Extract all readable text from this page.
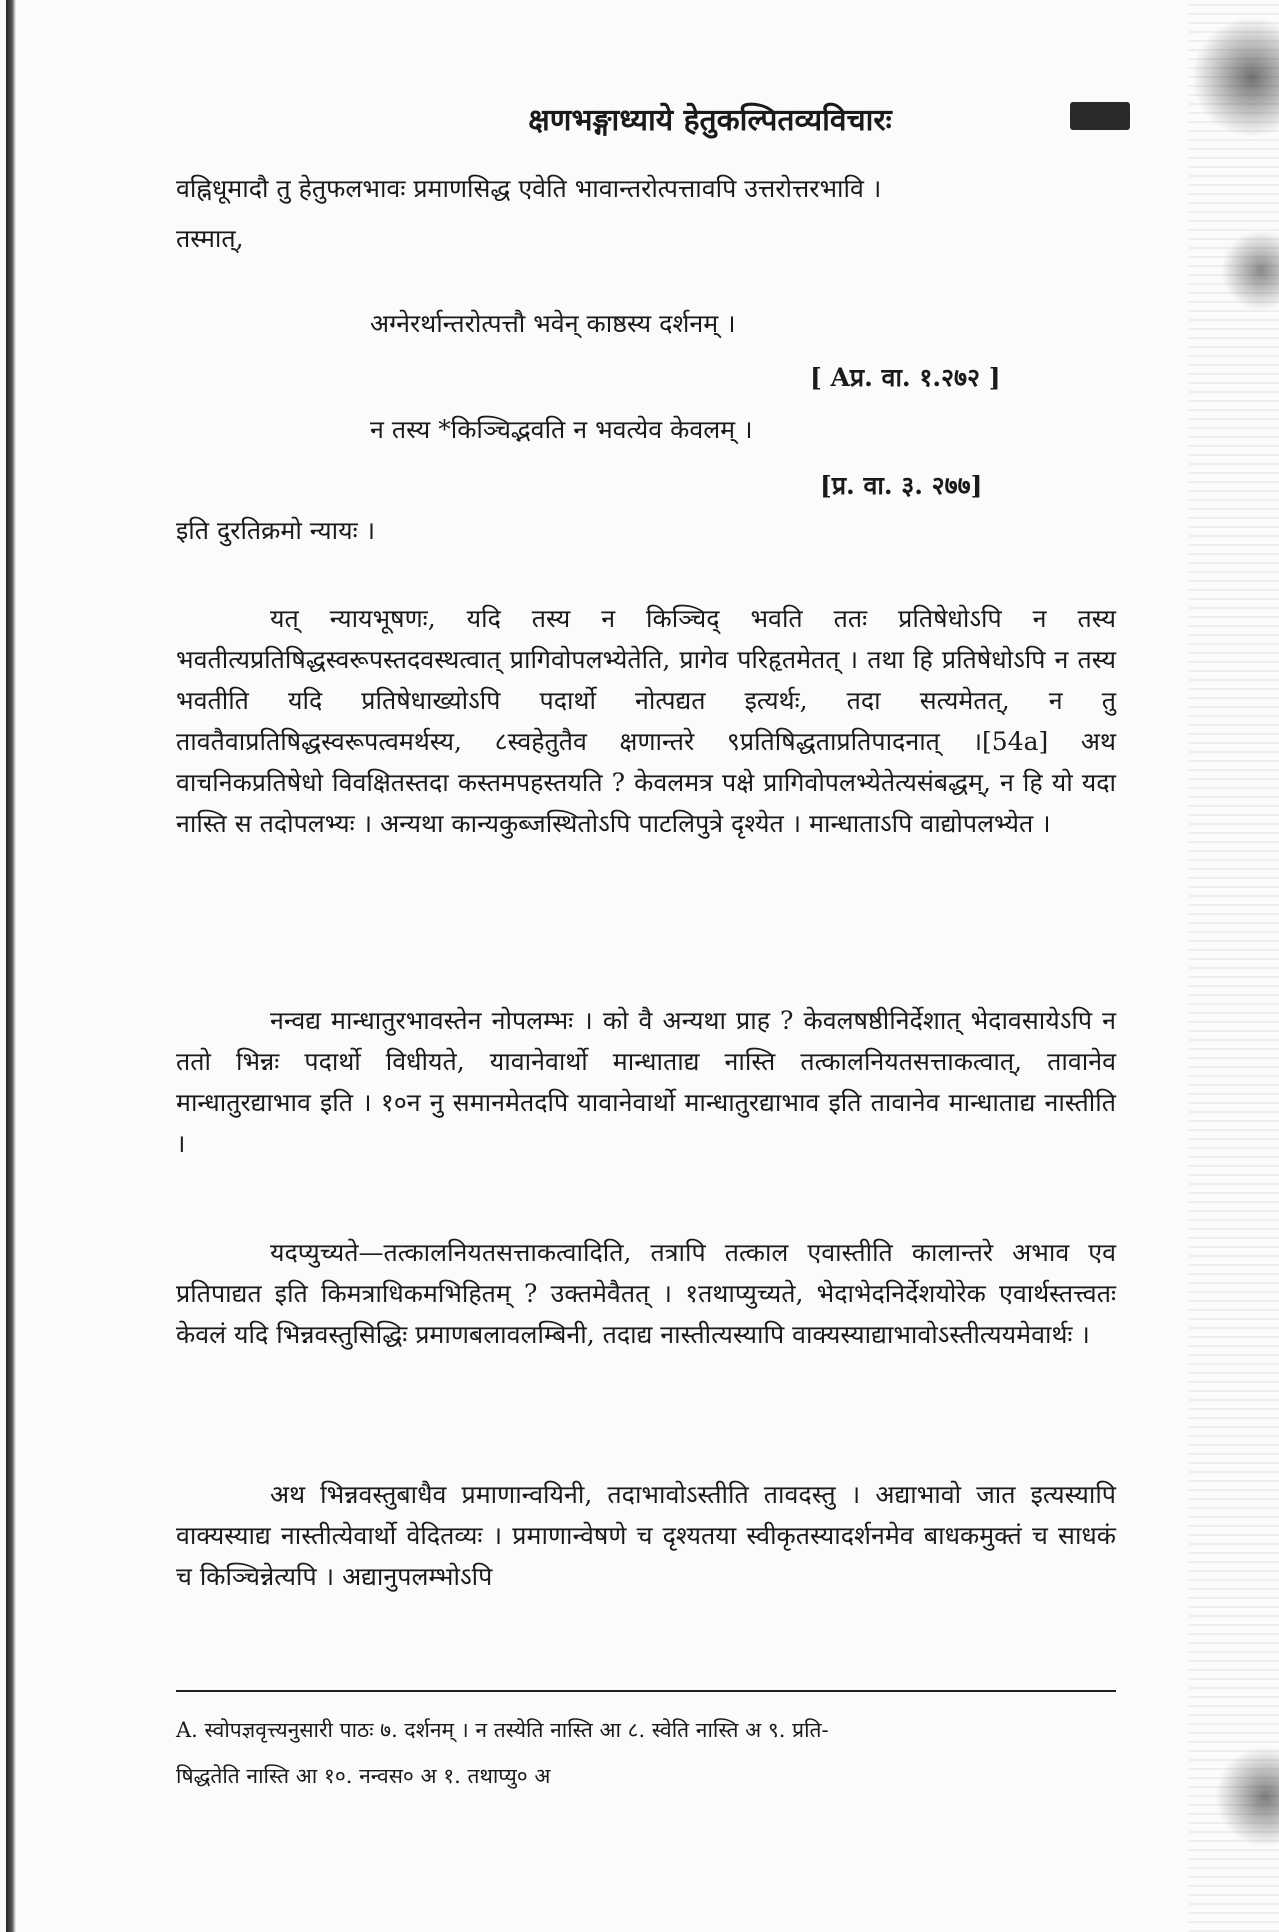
क्षणभङ्गाध्याये हेतुकल्पितव्यविचारः
वह्निधूमादौ तु हेतुफलभावः प्रमाणसिद्ध एवेति भावान्तरोत्पत्तावपि उत्तरोत्तरभावि ।
तस्मात्,
अग्नेरर्थान्तरोत्पत्तौ भवेन् काष्ठस्य दर्शनम् ।
[ Aप्र. वा. १.२७२ ]
न तस्य *किञ्चिद्भवति न भवत्येव केवलम् ।
[प्र. वा. ३. २७७]
इति दुरतिक्रमो न्यायः ।
यत् न्यायभूषणः, यदि तस्य न किञ्चिद् भवति ततः प्रतिषेधोऽपि न तस्य भवतीत्यप्रतिषिद्धस्वरूपस्तदवस्थत्वात् प्रागिवोपलभ्येतेति, प्रागेव परिहृतमेतत् । तथा हि प्रतिषेधोऽपि न तस्य भवतीति यदि प्रतिषेधाख्योऽपि पदार्थो नोत्पद्यत इत्यर्थः, तदा सत्यमेतत्, न तु तावतैवाप्रतिषिद्धस्वरूपत्वमर्थस्य, ८स्वहेतुतैव क्षणान्तरे ९प्रतिषिद्धताप्रतिपादनात् ।[54a] अथ वाचनिकप्रतिषेधो विवक्षितस्तदा कस्तमपहस्तयति ? केवलमत्र पक्षे प्रागिवोपलभ्येतेत्यसंबद्धम्, न हि यो यदा नास्ति स तदोपलभ्यः । अन्यथा कान्यकुब्जस्थितोऽपि पाटलिपुत्रे दृश्येत । मान्धाताऽपि वाद्योपलभ्येत ।
नन्वद्य मान्धातुरभावस्तेन नोपलम्भः । को वै अन्यथा प्राह ? केवलषष्ठीनिर्देशात् भेदावसायेऽपि न ततो भिन्नः पदार्थो विधीयते, यावानेवार्थो मान्धाताद्य नास्ति तत्कालनियतसत्ताकत्वात्, तावानेव मान्धातुरद्याभाव इति । १०न नु समानमेतदपि यावानेवार्थो मान्धातुरद्याभाव इति तावानेव मान्धाताद्य नास्तीति ।
यदप्युच्यते—तत्कालनियतसत्ताकत्वादिति, तत्रापि तत्काल एवास्तीति कालान्तरे अभाव एव प्रतिपाद्यत इति किमत्राधिकमभिहितम् ? उक्तमेवैतत् । १तथाप्युच्यते, भेदाभेदनिर्देशयोरेक एवार्थस्तत्त्वतः केवलं यदि भिन्नवस्तुसिद्धिः प्रमाणबलावलम्बिनी, तदाद्य नास्तीत्यस्यापि वाक्यस्याद्याभावोऽस्तीत्ययमेवार्थः ।
अथ भिन्नवस्तुबाधैव प्रमाणान्वयिनी, तदाभावोऽस्तीति तावदस्तु । अद्याभावो जात इत्यस्यापि वाक्यस्याद्य नास्तीत्येवार्थो वेदितव्यः । प्रमाणान्वेषणे च दृश्यतया स्वीकृतस्यादर्शनमेव बाधकमुक्तं च साधकं च किञ्चिन्नेत्यपि । अद्यानुपलम्भोऽपि
A. स्वोपज्ञवृत्त्यनुसारी पाठः ७. दर्शनम् । न तस्येति नास्ति आ ८. स्वेति नास्ति अ ९. प्रति-
षिद्धतेति नास्ति आ १०. नन्वस० अ १. तथाप्यु० अ
